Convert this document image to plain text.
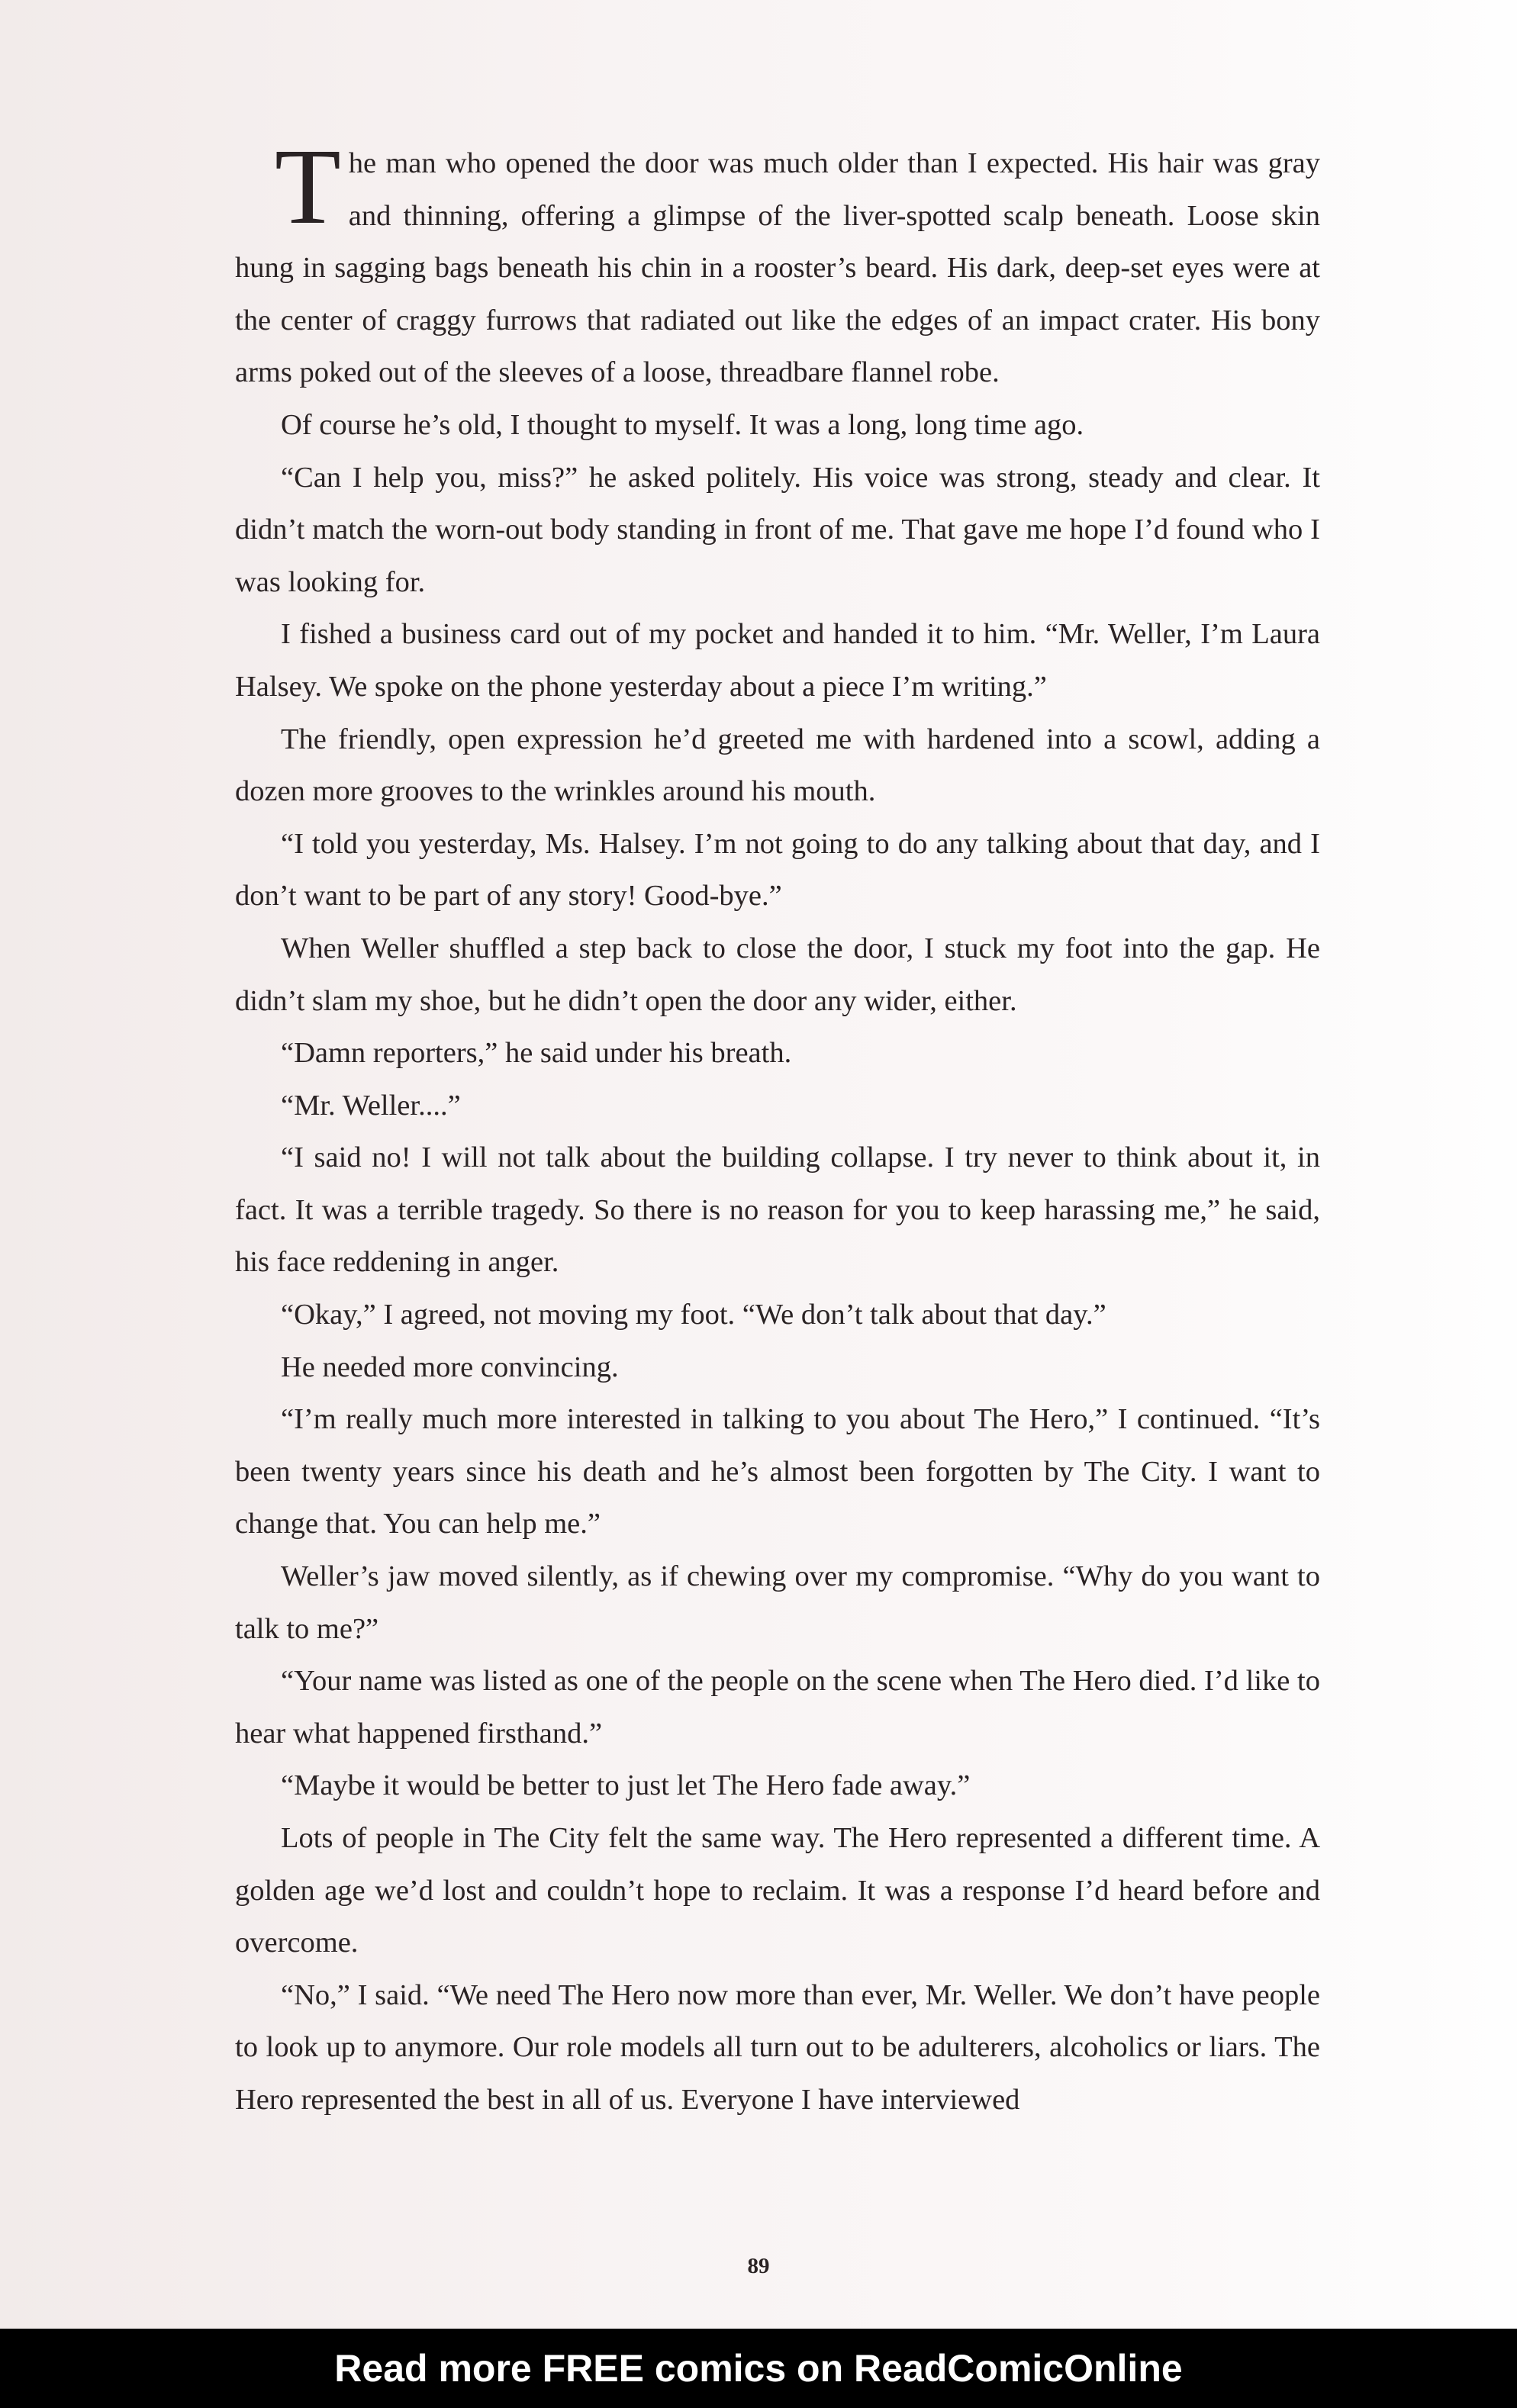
The man who opened the door was much older than I expected. His hair was gray and thinning, offering a glimpse of the liver-spotted scalp beneath. Loose skin hung in sagging bags beneath his chin in a rooster’s beard. His dark, deep-set eyes were at the center of craggy furrows that radiated out like the edges of an impact crater. His bony arms poked out of the sleeves of a loose, threadbare flannel robe.

Of course he’s old, I thought to myself. It was a long, long time ago.

“Can I help you, miss?” he asked politely. His voice was strong, steady and clear. It didn’t match the worn-out body standing in front of me. That gave me hope I’d found who I was looking for.

I fished a business card out of my pocket and handed it to him. “Mr. Weller, I’m Laura Halsey. We spoke on the phone yesterday about a piece I’m writing.”

The friendly, open expression he’d greeted me with hardened into a scowl, adding a dozen more grooves to the wrinkles around his mouth.

“I told you yesterday, Ms. Halsey. I’m not going to do any talking about that day, and I don’t want to be part of any story! Good-bye.”

When Weller shuffled a step back to close the door, I stuck my foot into the gap. He didn’t slam my shoe, but he didn’t open the door any wider, either.

“Damn reporters,” he said under his breath.

“Mr. Weller....”

“I said no! I will not talk about the building collapse. I try never to think about it, in fact. It was a terrible tragedy. So there is no reason for you to keep harassing me,” he said, his face reddening in anger.

“Okay,” I agreed, not moving my foot. “We don’t talk about that day.”

He needed more convincing.

“I’m really much more interested in talking to you about The Hero,” I continued. “It’s been twenty years since his death and he’s almost been forgotten by The City. I want to change that. You can help me.”

Weller’s jaw moved silently, as if chewing over my compromise. “Why do you want to talk to me?”

“Your name was listed as one of the people on the scene when The Hero died. I’d like to hear what happened firsthand.”

“Maybe it would be better to just let The Hero fade away.”

Lots of people in The City felt the same way. The Hero represented a different time. A golden age we’d lost and couldn’t hope to reclaim. It was a response I’d heard before and overcome.

“No,” I said. “We need The Hero now more than ever, Mr. Weller. We don’t have people to look up to anymore. Our role models all turn out to be adulterers, alcoholics or liars. The Hero represented the best in all of us. Everyone I have interviewed

89
Read more FREE comics on ReadComicOnline
